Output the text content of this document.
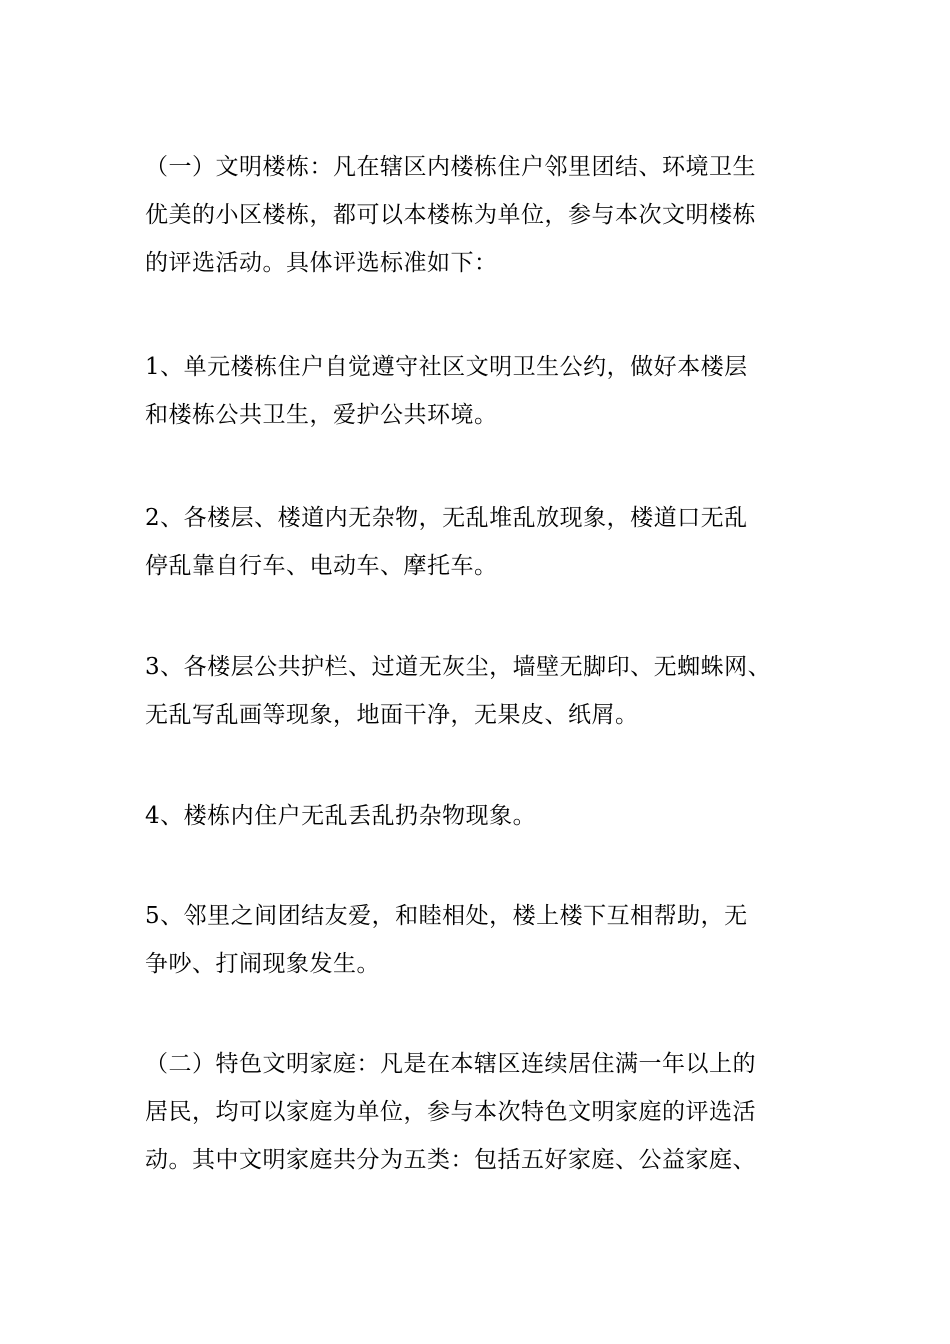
（一）文明楼栋：凡在辖区内楼栋住户邻里团结、环境卫生
优美的小区楼栋，都可以本楼栋为单位，参与本次文明楼栋
的评选活动。具体评选标准如下：

1、单元楼栋住户自觉遵守社区文明卫生公约，做好本楼层
和楼栋公共卫生，爱护公共环境。

2、各楼层、楼道内无杂物，无乱堆乱放现象，楼道口无乱
停乱靠自行车、电动车、摩托车。

3、各楼层公共护栏、过道无灰尘，墙壁无脚印、无蜘蛛网、
无乱写乱画等现象，地面干净，无果皮、纸屑。

4、楼栋内住户无乱丢乱扔杂物现象。

5、邻里之间团结友爱，和睦相处，楼上楼下互相帮助，无
争吵、打闹现象发生。

（二）特色文明家庭：凡是在本辖区连续居住满一年以上的
居民，均可以家庭为单位，参与本次特色文明家庭的评选活
动。其中文明家庭共分为五类：包括五好家庭、公益家庭、
